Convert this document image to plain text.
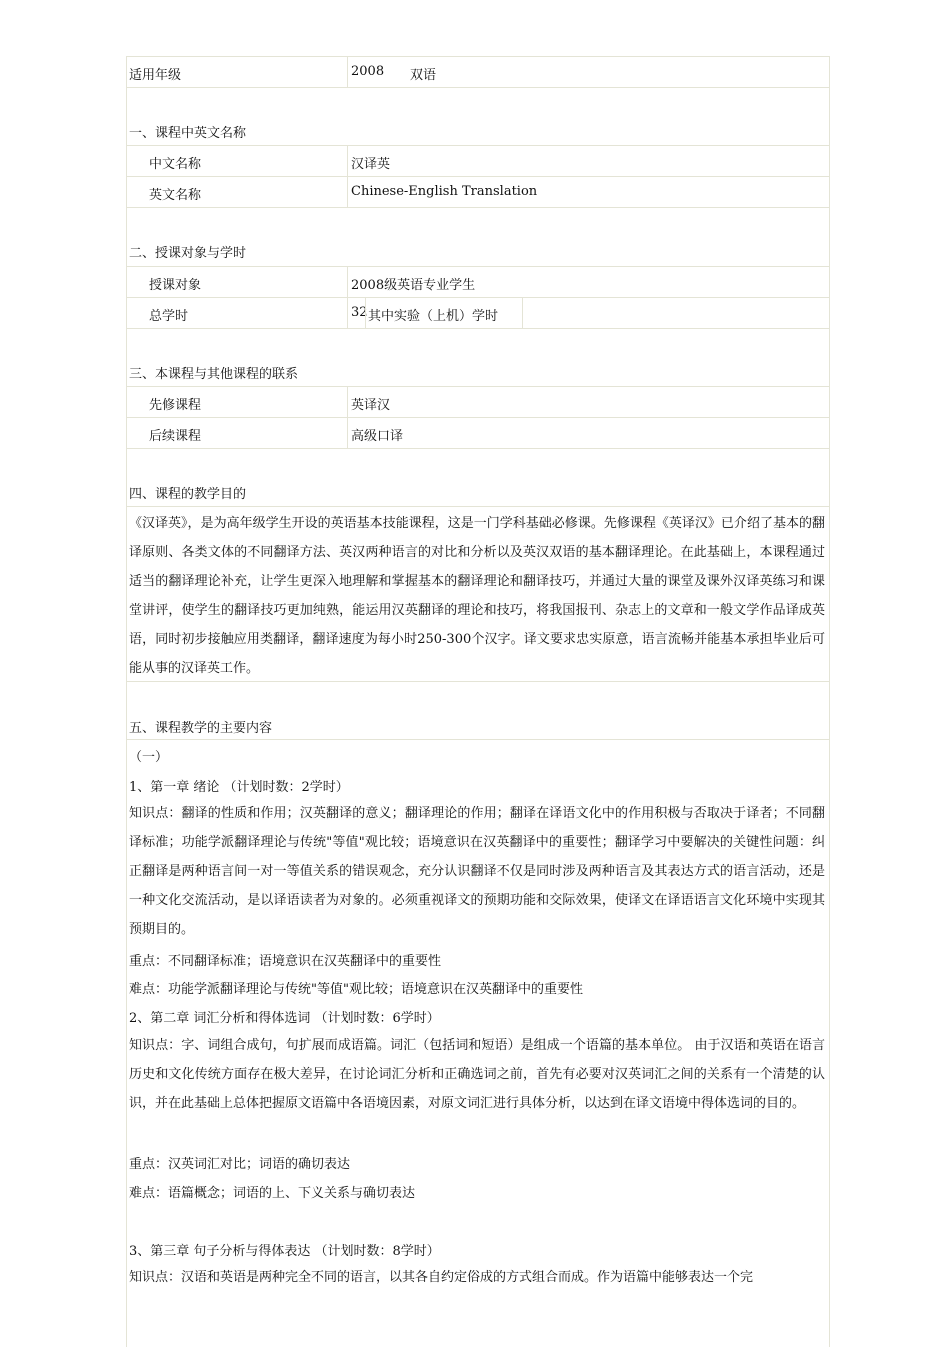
适用年级	2008 双语
一、课程中英文名称
中文名称	汉译英
英文名称	Chinese-English Translation
二、授课对象与学时
授课对象	2008级英语专业学生
总学时	32 其中实验（上机）学时
三、本课程与其他课程的联系
先修课程	英译汉
后续课程	高级口译
四、课程的教学目的
《汉译英》，是为高年级学生开设的英语基本技能课程，这是一门学科基础必修课。先修课程《英译汉》已介绍了基本的翻译原则、各类文体的不同翻译方法、英汉两种语言的对比和分析以及英汉双语的基本翻译理论。在此基础上，本课程通过适当的翻译理论补充，让学生更深入地理解和掌握基本的翻译理论和翻译技巧，并通过大量的课堂及课外汉译英练习和课堂讲评，使学生的翻译技巧更加纯熟，能运用汉英翻译的理论和技巧，将我国报刊、杂志上的文章和一般文学作品译成英语，同时初步接触应用类翻译，翻译速度为每小时250-300个汉字。译文要求忠实原意，语言流畅并能基本承担毕业后可能从事的汉译英工作。
五、课程教学的主要内容
（一）
1、第一章 绪论 （计划时数：2学时）
知识点：翻译的性质和作用；汉英翻译的意义；翻译理论的作用；翻译在译语文化中的作用积极与否取决于译者；不同翻译标准；功能学派翻译理论与传统"等值"观比较；语境意识在汉英翻译中的重要性；翻译学习中要解决的关键性问题：纠正翻译是两种语言间一对一等值关系的错误观念，充分认识翻译不仅是同时涉及两种语言及其表达方式的语言活动，还是一种文化交流活动，是以译语读者为对象的。必须重视译文的预期功能和交际效果，使译文在译语语言文化环境中实现其预期目的。
重点：不同翻译标准；语境意识在汉英翻译中的重要性
难点：功能学派翻译理论与传统"等值"观比较；语境意识在汉英翻译中的重要性
2、第二章 词汇分析和得体选词 （计划时数：6学时）
知识点：字、词组合成句，句扩展而成语篇。词汇（包括词和短语）是组成一个语篇的基本单位。 由于汉语和英语在语言历史和文化传统方面存在极大差异，在讨论词汇分析和正确选词之前，首先有必要对汉英词汇之间的关系有一个清楚的认识，并在此基础上总体把握原文语篇中各语境因素，对原文词汇进行具体分析，以达到在译文语境中得体选词的目的。
重点：汉英词汇对比；词语的确切表达
难点：语篇概念；词语的上、下义关系与确切表达
3、第三章 句子分析与得体表达 （计划时数：8学时）
知识点：汉语和英语是两种完全不同的语言，以其各自约定俗成的方式组合而成。作为语篇中能够表达一个完
